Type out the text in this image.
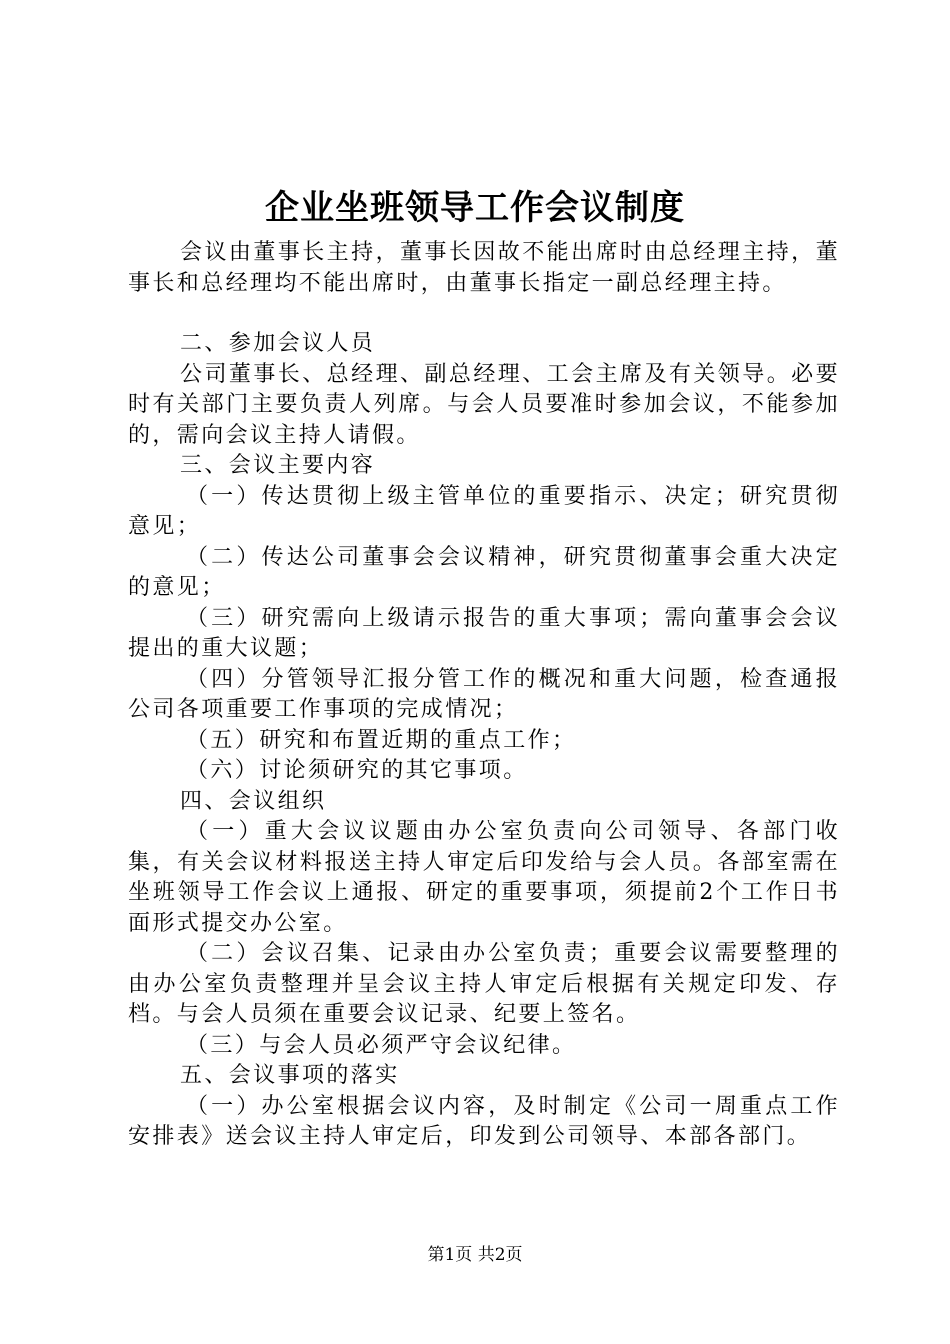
企业坐班领导工作会议制度

会议由董事长主持，董事长因故不能出席时由总经理主持，董事长和总经理均不能出席时，由董事长指定一副总经理主持。

二、参加会议人员

公司董事长、总经理、副总经理、工会主席及有关领导。必要时有关部门主要负责人列席。与会人员要准时参加会议，不能参加的，需向会议主持人请假。

三、会议主要内容

（一）传达贯彻上级主管单位的重要指示、决定；研究贯彻意见；

（二）传达公司董事会会议精神，研究贯彻董事会重大决定的意见；

（三）研究需向上级请示报告的重大事项；需向董事会会议提出的重大议题；

（四）分管领导汇报分管工作的概况和重大问题，检查通报公司各项重要工作事项的完成情况；

（五）研究和布置近期的重点工作；

（六）讨论须研究的其它事项。

四、会议组织

（一）重大会议议题由办公室负责向公司领导、各部门收集，有关会议材料报送主持人审定后印发给与会人员。各部室需在坐班领导工作会议上通报、研定的重要事项，须提前2个工作日书面形式提交办公室。

（二）会议召集、记录由办公室负责；重要会议需要整理的由办公室负责整理并呈会议主持人审定后根据有关规定印发、存档。与会人员须在重要会议记录、纪要上签名。

（三）与会人员必须严守会议纪律。

五、会议事项的落实

（一）办公室根据会议内容，及时制定《公司一周重点工作安排表》送会议主持人审定后，印发到公司领导、本部各部门。

第1页 共2页
